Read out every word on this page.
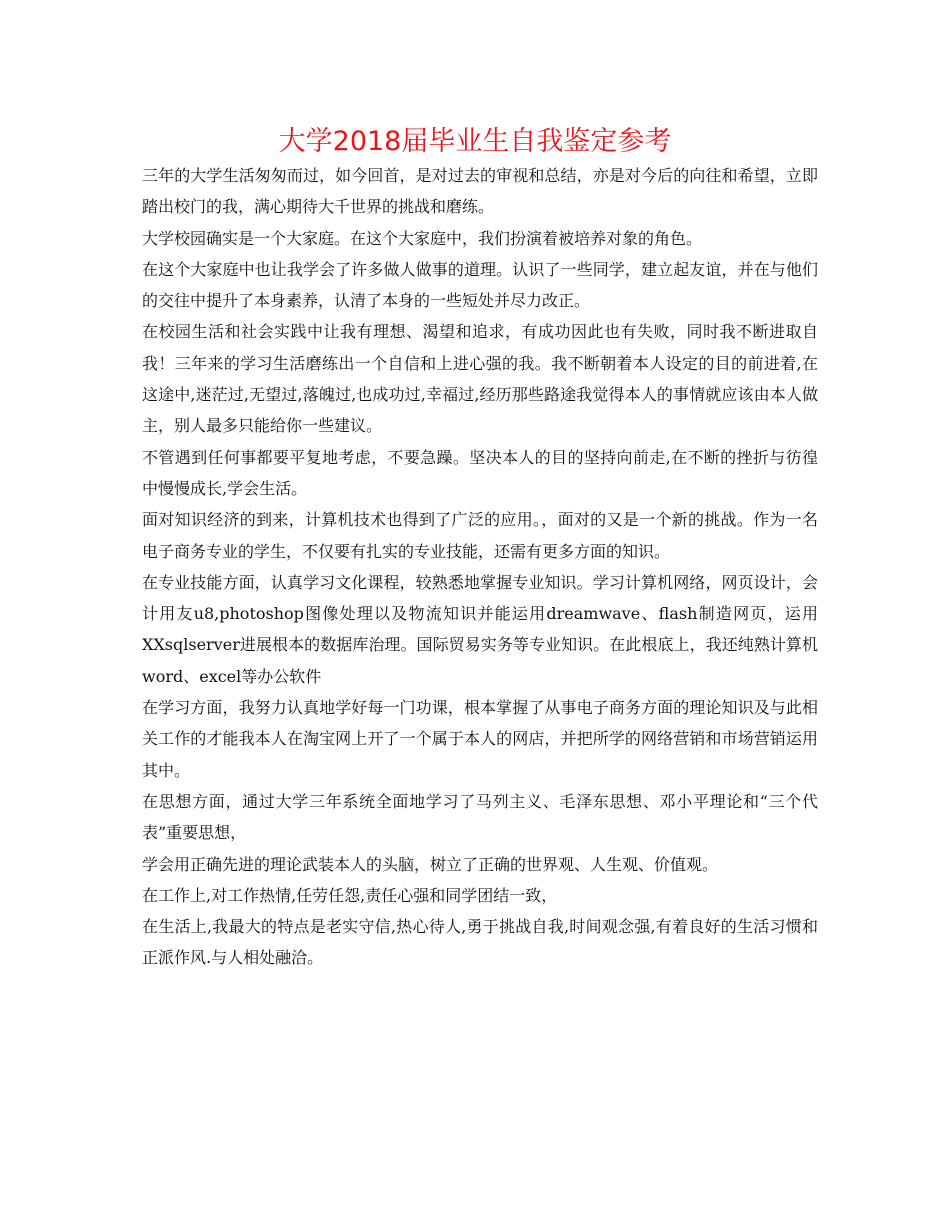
大学2018届毕业生自我鉴定参考

三年的大学生活匆匆而过，如今回首，是对过去的审视和总结，亦是对今后的向往和希望，立即踏出校门的我，满心期待大千世界的挑战和磨练。

大学校园确实是一个大家庭。在这个大家庭中，我们扮演着被培养对象的角色。

在这个大家庭中也让我学会了许多做人做事的道理。认识了一些同学，建立起友谊，并在与他们的交往中提升了本身素养，认清了本身的一些短处并尽力改正。

在校园生活和社会实践中让我有理想、渴望和追求，有成功因此也有失败，同时我不断进取自我！三年来的学习生活磨练出一个自信和上进心强的我。我不断朝着本人设定的目的前进着,在这途中,迷茫过,无望过,落魄过,也成功过,幸福过,经历那些路途我觉得本人的事情就应该由本人做主，别人最多只能给你一些建议。

不管遇到任何事都要平复地考虑，不要急躁。坚决本人的目的坚持向前走,在不断的挫折与彷徨中慢慢成长,学会生活。

面对知识经济的到来，计算机技术也得到了广泛的应用。，面对的又是一个新的挑战。作为一名电子商务专业的学生，不仅要有扎实的专业技能，还需有更多方面的知识。

在专业技能方面，认真学习文化课程，较熟悉地掌握专业知识。学习计算机网络，网页设计，会计用友u8,photoshop图像处理以及物流知识并能运用dreamwave、flash制造网页，运用XXsqlserver进展根本的数据库治理。国际贸易实务等专业知识。在此根底上，我还纯熟计算机word、excel等办公软件

在学习方面，我努力认真地学好每一门功课，根本掌握了从事电子商务方面的理论知识及与此相关工作的才能我本人在淘宝网上开了一个属于本人的网店，并把所学的网络营销和市场营销运用其中。

在思想方面，通过大学三年系统全面地学习了马列主义、毛泽东思想、邓小平理论和“三个代表”重要思想，

学会用正确先进的理论武装本人的头脑，树立了正确的世界观、人生观、价值观。

在工作上,对工作热情,任劳任怨,责任心强和同学团结一致，

在生活上,我最大的特点是老实守信,热心待人,勇于挑战自我,时间观念强,有着良好的生活习惯和正派作风.与人相处融洽。
